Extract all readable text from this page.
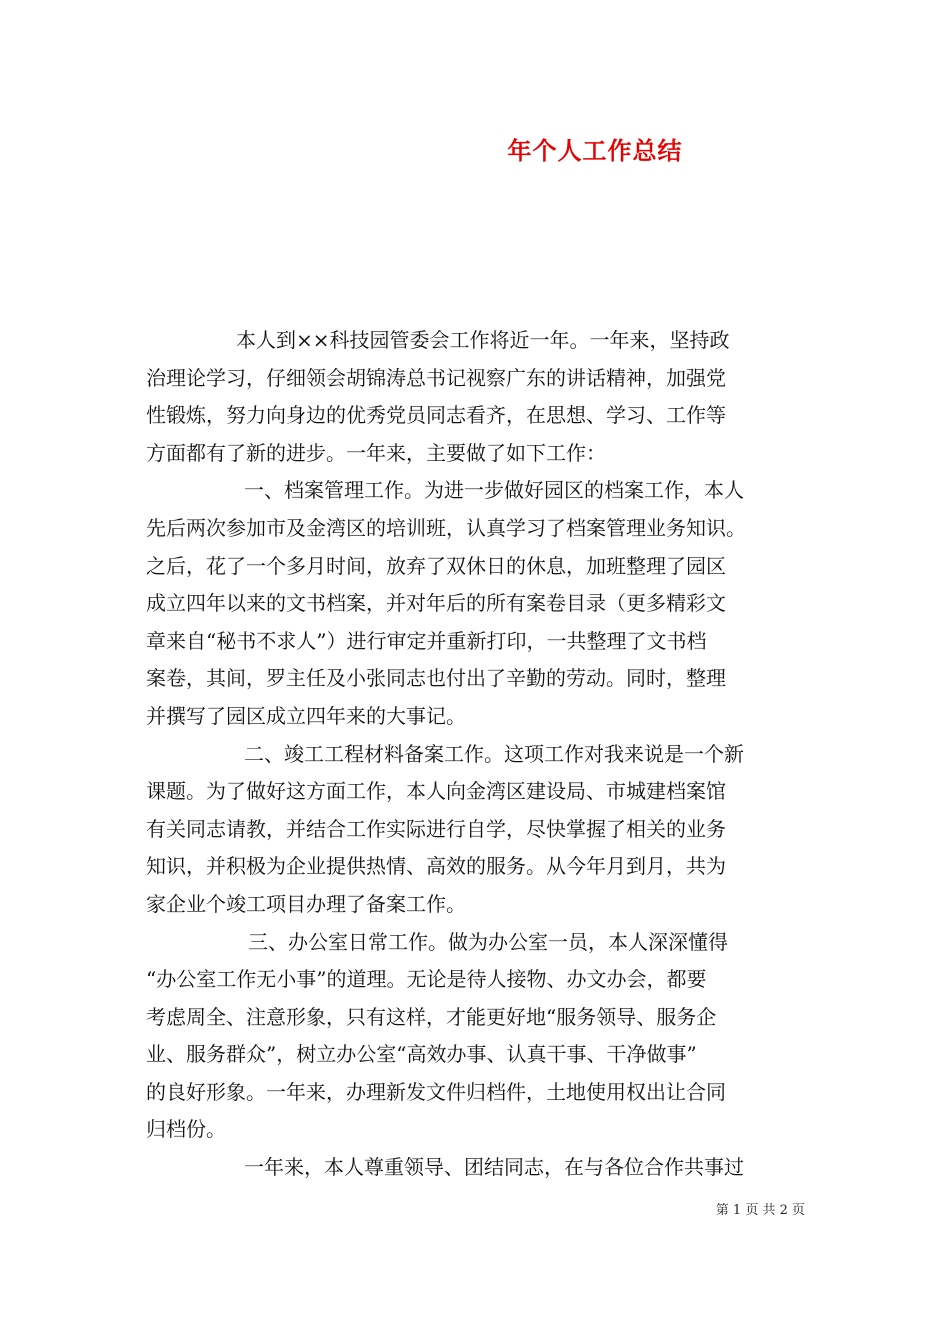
年个人工作总结
本人到××科技园管委会工作将近一年。一年来，坚持政
治理论学习，仔细领会胡锦涛总书记视察广东的讲话精神，加强党
性锻炼，努力向身边的优秀党员同志看齐，在思想、学习、工作等
方面都有了新的进步。一年来，主要做了如下工作：
一、档案管理工作。为进一步做好园区的档案工作，本人
先后两次参加市及金湾区的培训班，认真学习了档案管理业务知识。
之后，花了一个多月时间，放弃了双休日的休息，加班整理了园区
成立四年以来的文书档案，并对年后的所有案卷目录（更多精彩文
章来自“秘书不求人”）进行审定并重新打印，一共整理了文书档
案卷，其间，罗主任及小张同志也付出了辛勤的劳动。同时，整理
并撰写了园区成立四年来的大事记。
二、竣工工程材料备案工作。这项工作对我来说是一个新
课题。为了做好这方面工作，本人向金湾区建设局、市城建档案馆
有关同志请教，并结合工作实际进行自学，尽快掌握了相关的业务
知识，并积极为企业提供热情、高效的服务。从今年月到月，共为
家企业个竣工项目办理了备案工作。
三、办公室日常工作。做为办公室一员，本人深深懂得
“办公室工作无小事”的道理。无论是待人接物、办文办会，都要
考虑周全、注意形象，只有这样，才能更好地“服务领导、服务企
业、服务群众”，树立办公室“高效办事、认真干事、干净做事”
的良好形象。一年来，办理新发文件归档件，土地使用权出让合同
归档份。
一年来，本人尊重领导、团结同志，在与各位合作共事过
第 1 页 共 2 页
